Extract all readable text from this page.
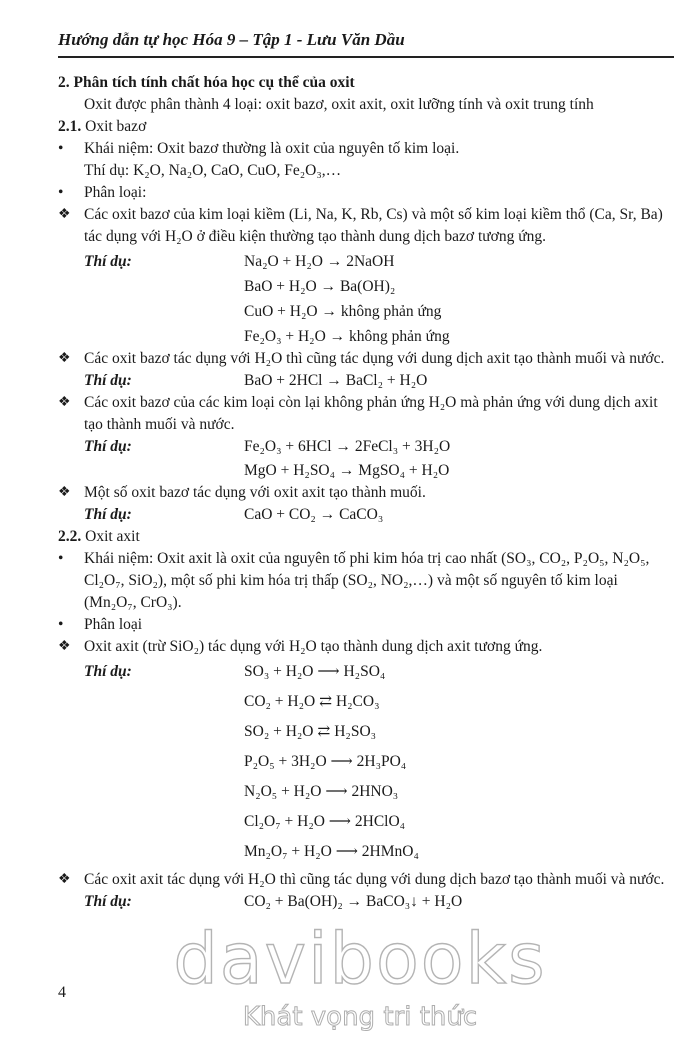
Hướng dẫn tự học Hóa 9 – Tập 1 - Lưu Văn Dầu
2. Phân tích tính chất hóa học cụ thể của oxit
Oxit được phân thành 4 loại: oxit bazơ, oxit axit, oxit lưỡng tính và oxit trung tính
2.1. Oxit bazơ
•	Khái niệm: Oxit bazơ thường là oxit của nguyên tố kim loại.
Thí dụ: K₂O, Na₂O, CaO, CuO, Fe₂O₃,…
•	Phân loại:
❖ Các oxit bazơ của kim loại kiềm (Li, Na, K, Rb, Cs) và một số kim loại kiềm thổ (Ca, Sr, Ba) tác dụng với H₂O ở điều kiện thường tạo thành dung dịch bazơ tương ứng.
Thí dụ:	Na₂O + H₂O → 2NaOH
BaO + H₂O → Ba(OH)₂
CuO + H₂O → không phản ứng
Fe₂O₃ + H₂O → không phản ứng
❖ Các oxit bazơ tác dụng với H₂O thì cũng tác dụng với dung dịch axit tạo thành muối và nước.
Thí dụ:	BaO + 2HCl → BaCl₂ + H₂O
❖ Các oxit bazơ của các kim loại còn lại không phản ứng H₂O mà phản ứng với dung dịch axit tạo thành muối và nước.
Thí dụ:	Fe₂O₃ + 6HCl → 2FeCl₃ + 3H₂O
MgO + H₂SO₄ → MgSO₄ + H₂O
❖ Một số oxit bazơ tác dụng với oxit axit tạo thành muối.
Thí dụ:	CaO + CO₂ → CaCO₃
2.2. Oxit axit
•	Khái niệm: Oxit axit là oxit của nguyên tố phi kim hóa trị cao nhất (SO₃, CO₂, P₂O₅, N₂O₅, Cl₂O₇, SiO₂), một số phi kim hóa trị thấp (SO₂, NO₂,…) và một số nguyên tố kim loại (Mn₂O₇, CrO₃).
•	Phân loại
❖ Oxit axit (trừ SiO₂) tác dụng với H₂O tạo thành dung dịch axit tương ứng.
Thí dụ:	SO₃ + H₂O ⟶ H₂SO₄
CO₂ + H₂O ⇄ H₂CO₃
SO₂ + H₂O ⇄ H₂SO₃
P₂O₅ + 3H₂O ⟶ 2H₃PO₄
N₂O₅ + H₂O ⟶ 2HNO₃
Cl₂O₇ + H₂O ⟶ 2HClO₄
Mn₂O₇ + H₂O ⟶ 2HMnO₄
❖ Các oxit axit tác dụng với H₂O thì cũng tác dụng với dung dịch bazơ tạo thành muối và nước.
Thí dụ:	CO₂ + Ba(OH)₂ → BaCO₃↓ + H₂O
4	davibooks
Khát vọng tri thức
